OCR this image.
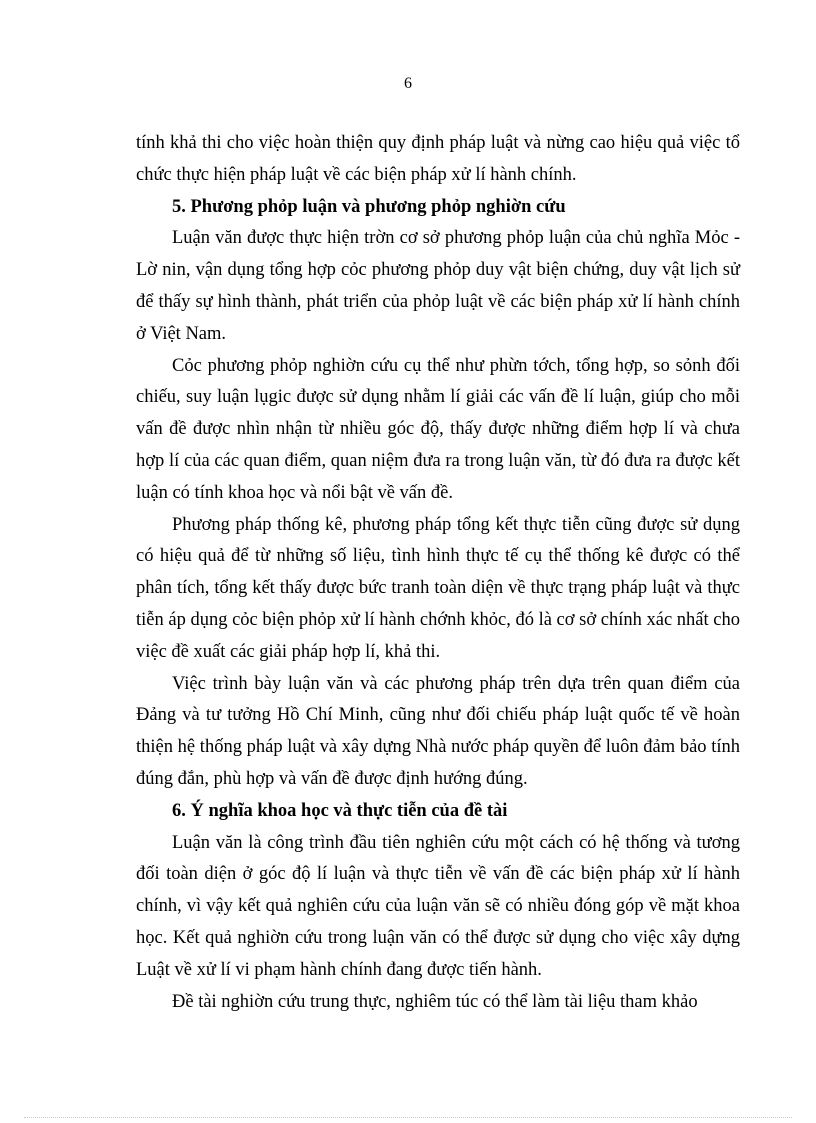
6

tính khả thi cho việc hoàn thiện quy định pháp luật và nừng cao hiệu quả việc tổ chức thực hiện pháp luật về các biện pháp xử lí hành chính.

5. Phương phỏp luận và phương phỏp nghiờn cứu

Luận văn được thực hiện trờn cơ sở phương phỏp luận của chủ nghĩa Mỏc - Lờ nin, vận dụng tổng hợp cỏc phương phỏp duy vật biện chứng, duy vật lịch sử để thấy sự hình thành, phát triển của phỏp luật về các biện pháp xử lí hành chính ở Việt Nam.

Cỏc phương phỏp nghiờn cứu cụ thể như phừn tớch, tổng hợp, so sỏnh đối chiếu, suy luận lụgic được sử dụng nhằm lí giải các vấn đề lí luận, giúp cho mỗi vấn đề được nhìn nhận từ nhiều góc độ, thấy được những điểm hợp lí và chưa hợp lí của các quan điểm, quan niệm đưa ra trong luận văn, từ đó đưa ra được kết luận có tính khoa học và nổi bật về vấn đề.

Phương pháp thống kê, phương pháp tổng kết thực tiễn cũng được sử dụng có hiệu quả để từ những số liệu, tình hình thực tế cụ thể thống kê được có thể phân tích, tổng kết thấy được bức tranh toàn diện về thực trạng pháp luật và thực tiễn áp dụng cỏc biện phỏp xử lí hành chớnh khỏc, đó là cơ sở chính xác nhất cho việc đề xuất các giải pháp hợp lí, khả thi.

Việc trình bày luận văn và các phương pháp trên dựa trên quan điểm của Đảng và tư tưởng Hồ Chí Minh, cũng như đối chiếu pháp luật quốc tế về hoàn thiện hệ thống pháp luật và xây dựng Nhà nước pháp quyền để luôn đảm bảo tính đúng đắn, phù hợp và vấn đề được định hướng đúng.

6. Ý nghĩa khoa học và thực tiễn của đề tài

Luận văn là công trình đầu tiên nghiên cứu một cách có hệ thống và tương đối toàn diện ở góc độ lí luận và thực tiễn về vấn đề các biện pháp xử lí hành chính, vì vậy kết quả nghiên cứu của luận văn sẽ có nhiều đóng góp về mặt khoa học. Kết quả nghiờn cứu trong luận văn có thể được sử dụng cho việc xây dựng Luật về xử lí vi phạm hành chính đang được tiến hành.

Đề tài nghiờn cứu trung thực, nghiêm túc có thể làm tài liệu tham khảo
